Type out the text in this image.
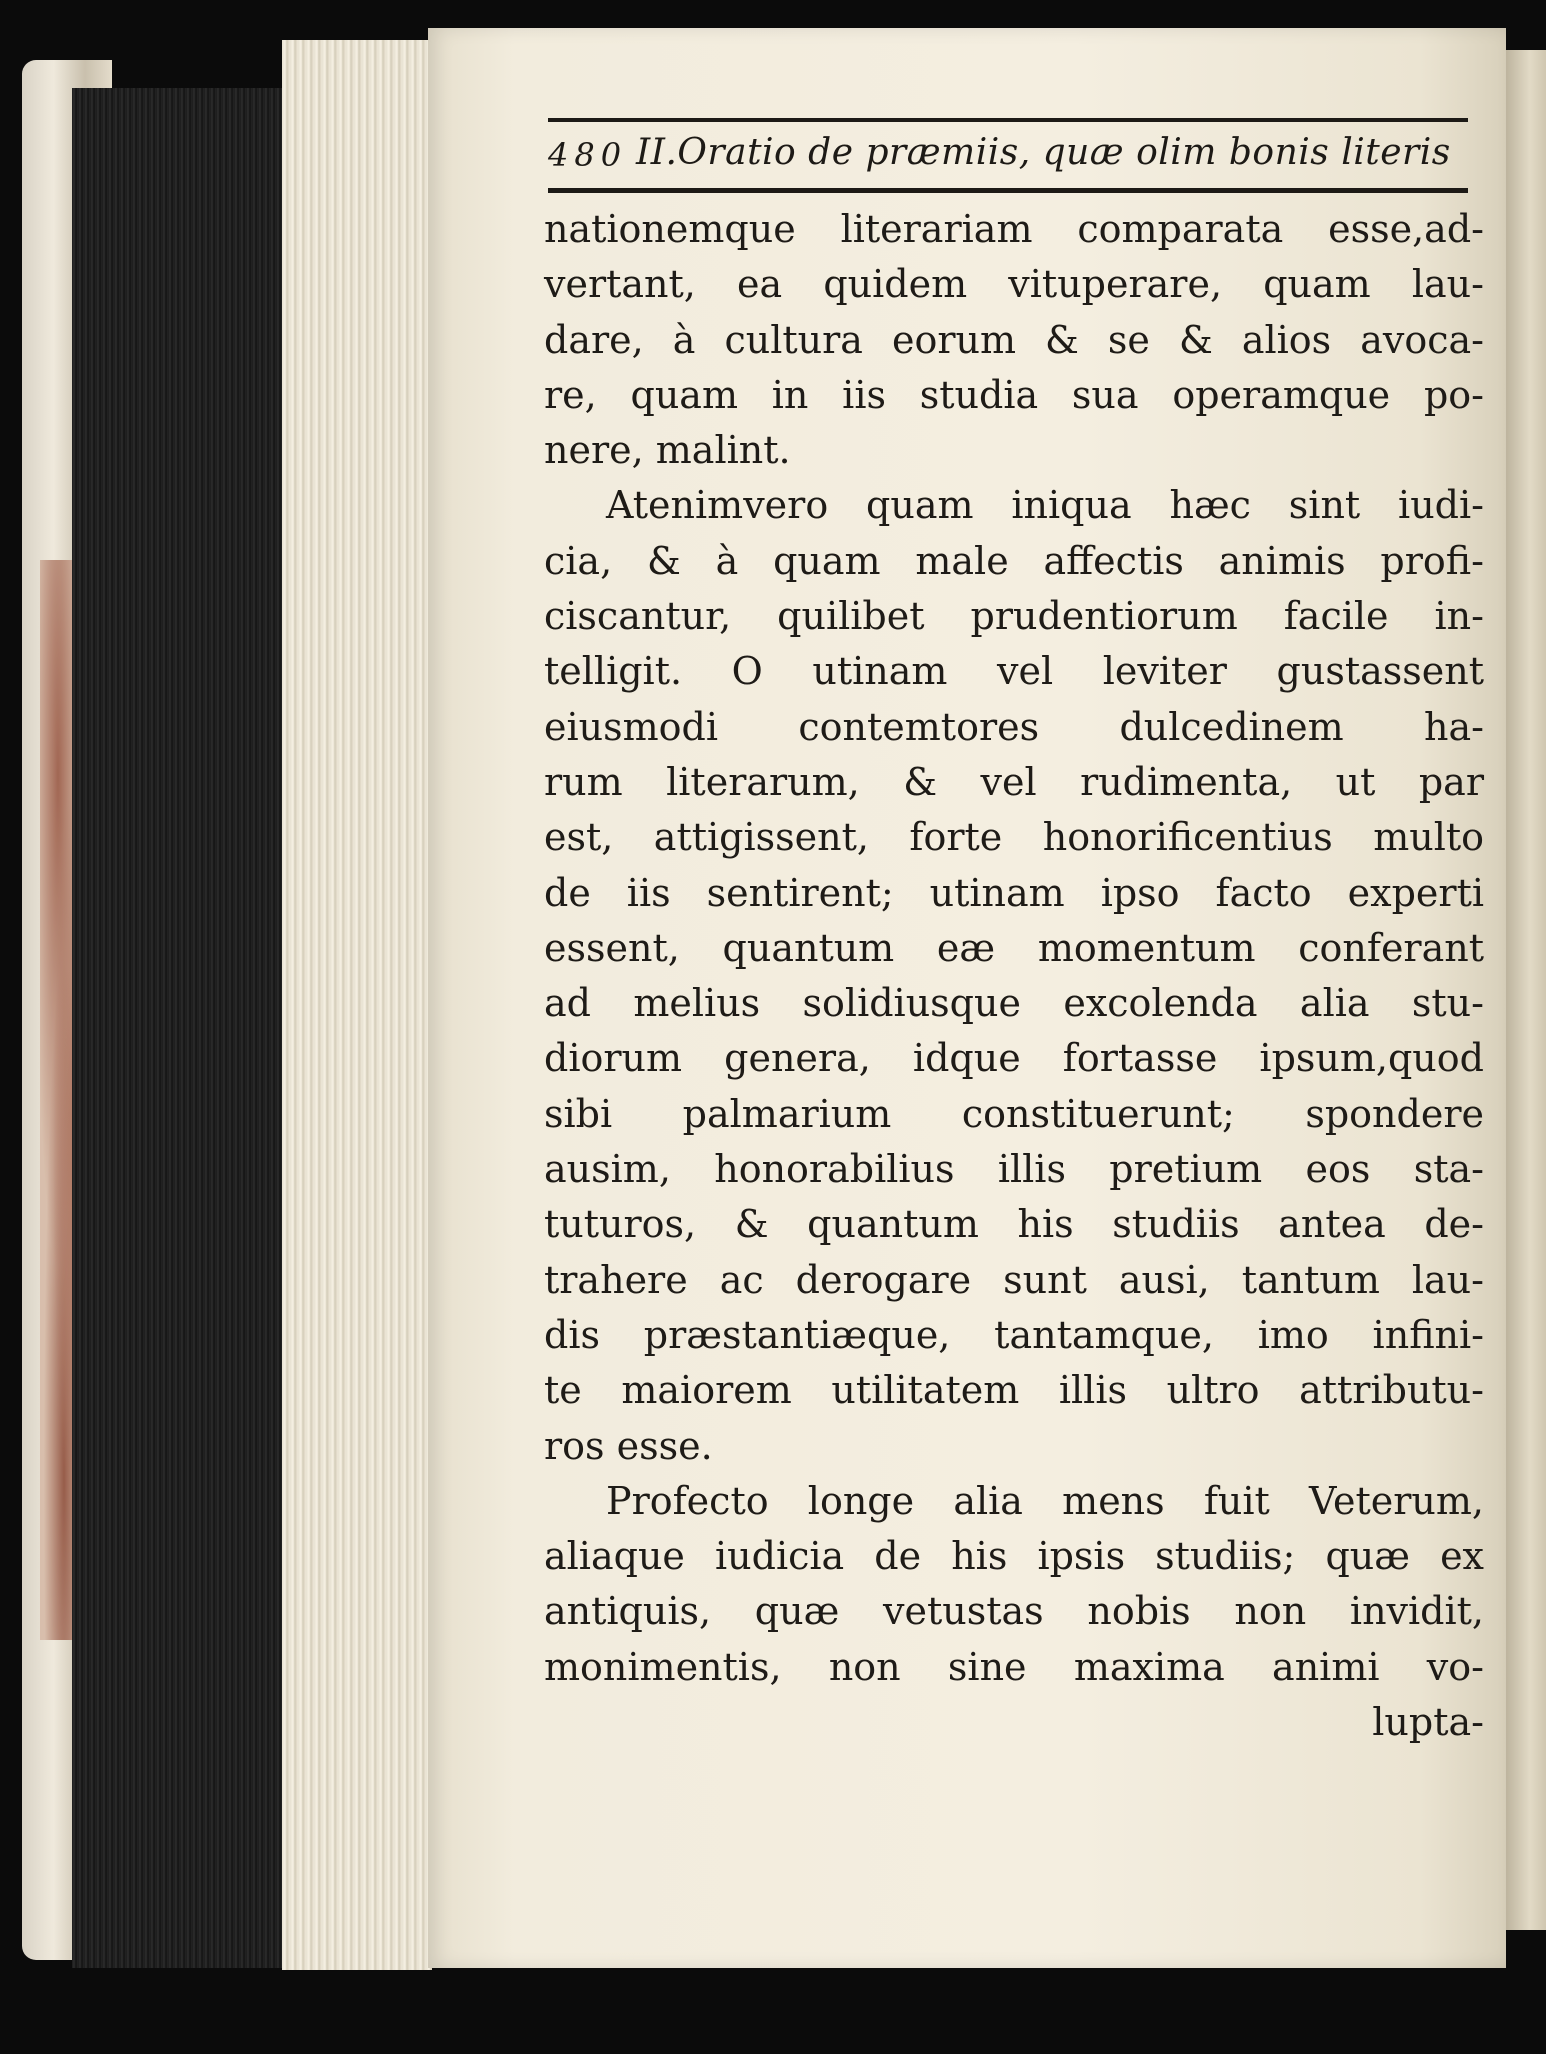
480 II.Oratio de præmiis, quæ olim bonis literis
nationemque literariam comparata esse,ad-
vertant, ea quidem vituperare, quam lau-
dare, à cultura eorum & se & alios avoca-
re, quam in iis studia sua operamque po-
nere, malint.
Atenimvero quam iniqua hæc sint iudi-
cia, & à quam male affectis animis profi-
ciscantur, quilibet prudentiorum facile in-
telligit. O utinam vel leviter gustassent
eiusmodi contemtores dulcedinem ha-
rum literarum, & vel rudimenta, ut par
est, attigissent, forte honorificentius multo
de iis sentirent; utinam ipso facto experti
essent, quantum eæ momentum conferant
ad melius solidiusque excolenda alia stu-
diorum genera, idque fortasse ipsum,quod
sibi palmarium constituerunt; spondere
ausim, honorabilius illis pretium eos sta-
tuturos, & quantum his studiis antea de-
trahere ac derogare sunt ausi, tantum lau-
dis præstantiæque, tantamque, imo infini-
te maiorem utilitatem illis ultro attributu-
ros esse.
Profecto longe alia mens fuit Veterum,
aliaque iudicia de his ipsis studiis; quæ ex
antiquis, quæ vetustas nobis non invidit,
monimentis, non sine maxima animi vo-
lupta-
